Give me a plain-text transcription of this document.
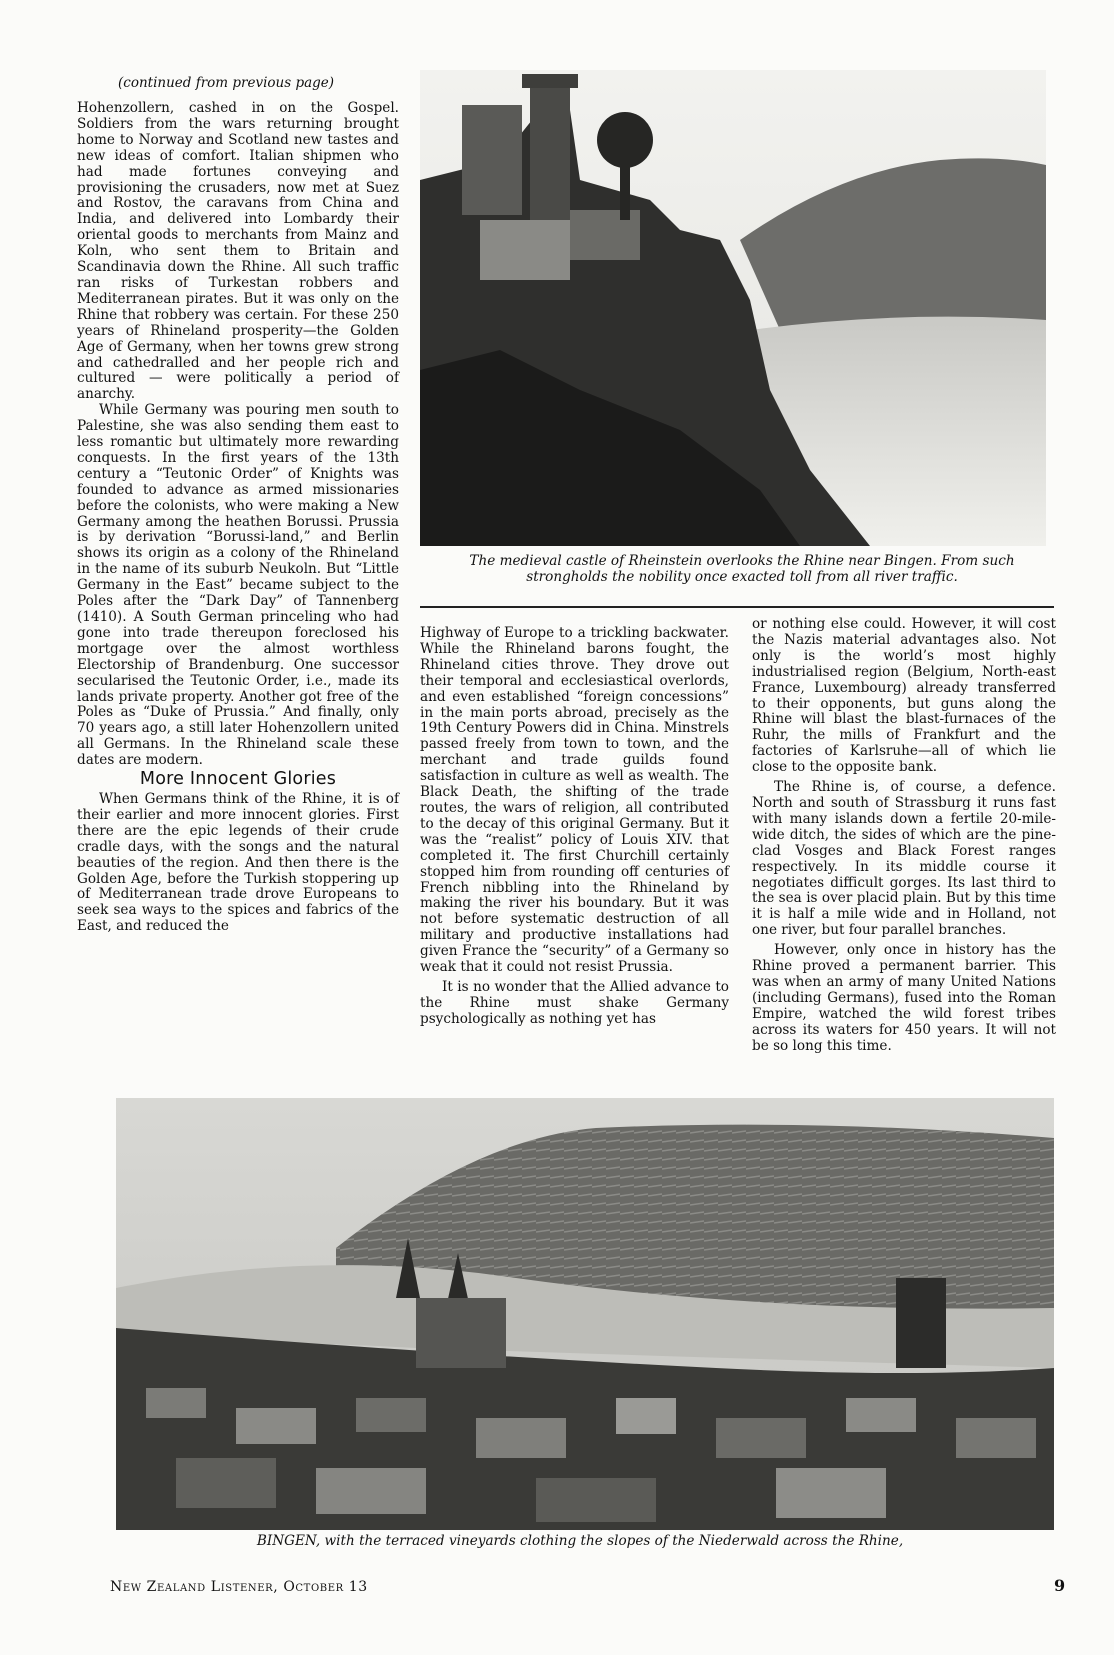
(continued from previous page)

Hohenzollern, cashed in on the Gospel. Soldiers from the wars returning brought home to Norway and Scotland new tastes and new ideas of comfort. Italian shipmen who had made fortunes conveying and provisioning the crusaders, now met at Suez and Rostov, the caravans from China and India, and delivered into Lombardy their oriental goods to merchants from Mainz and Koln, who sent them to Britain and Scandinavia down the Rhine. All such traffic ran risks of Turkestan robbers and Mediterranean pirates. But it was only on the Rhine that robbery was certain. For these 250 years of Rhineland prosperity—the Golden Age of Germany, when her towns grew strong and cathedralled and her people rich and cultured — were politically a period of anarchy.

While Germany was pouring men south to Palestine, she was also sending them east to less romantic but ultimately more rewarding conquests. In the first years of the 13th century a “Teutonic Order” of Knights was founded to advance as armed missionaries before the colonists, who were making a New Germany among the heathen Borussi. Prussia is by derivation “Borussi-land,” and Berlin shows its origin as a colony of the Rhineland in the name of its suburb Neukoln. But “Little Germany in the East” became subject to the Poles after the “Dark Day” of Tannenberg (1410). A South German princeling who had gone into trade thereupon foreclosed his mortgage over the almost worthless Electorship of Brandenburg. One successor secularised the Teutonic Order, i.e., made its lands private property. Another got free of the Poles as “Duke of Prussia.” And finally, only 70 years ago, a still later Hohenzollern united all Germans. In the Rhineland scale these dates are modern.

More Innocent Glories

When Germans think of the Rhine, it is of their earlier and more innocent glories. First there are the epic legends of their crude cradle days, with the songs and the natural beauties of the region. And then there is the Golden Age, before the Turkish stoppering up of Mediterranean trade drove Europeans to seek sea ways to the spices and fabrics of the East, and reduced the

The medieval castle of Rheinstein overlooks the Rhine near Bingen. From such strongholds the nobility once exacted toll from all river traffic.

Highway of Europe to a trickling backwater. While the Rhineland barons fought, the Rhineland cities throve. They drove out their temporal and ecclesiastical overlords, and even established “foreign concessions” in the main ports abroad, precisely as the 19th Century Powers did in China. Minstrels passed freely from town to town, and the merchant and trade guilds found satisfaction in culture as well as wealth. The Black Death, the shifting of the trade routes, the wars of religion, all contributed to the decay of this original Germany. But it was the “realist” policy of Louis XIV. that completed it. The first Churchill certainly stopped him from rounding off centuries of French nibbling into the Rhineland by making the river his boundary. But it was not before systematic destruction of all military and productive installations had given France the “security” of a Germany so weak that it could not resist Prussia.

It is no wonder that the Allied advance to the Rhine must shake Germany psychologically as nothing yet has

or nothing else could. However, it will cost the Nazis material advantages also. Not only is the world’s most highly industrialised region (Belgium, North-east France, Luxembourg) already transferred to their opponents, but guns along the Rhine will blast the blast-furnaces of the Ruhr, the mills of Frankfurt and the factories of Karlsruhe—all of which lie close to the opposite bank.

The Rhine is, of course, a defence. North and south of Strassburg it runs fast with many islands down a fertile 20-mile-wide ditch, the sides of which are the pine-clad Vosges and Black Forest ranges respectively. In its middle course it negotiates difficult gorges. Its last third to the sea is over placid plain. But by this time it is half a mile wide and in Holland, not one river, but four parallel branches.

However, only once in history has the Rhine proved a permanent barrier. This was when an army of many United Nations (including Germans), fused into the Roman Empire, watched the wild forest tribes across its waters for 450 years. It will not be so long this time.

BINGEN, with the terraced vineyards clothing the slopes of the Niederwald across the Rhine,
New Zealand Listener, October 13	9
